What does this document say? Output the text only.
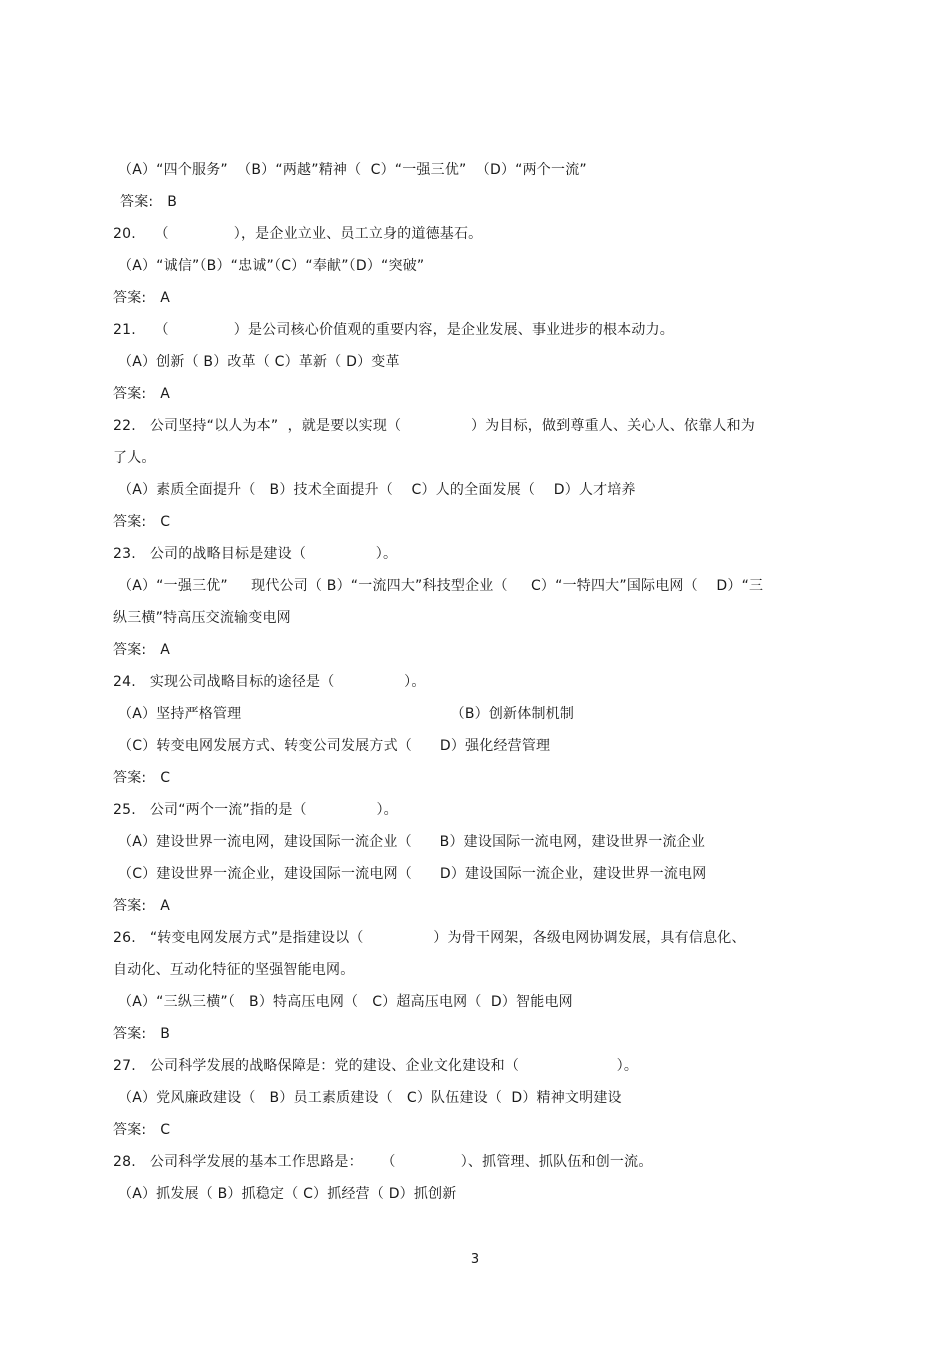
（A）“四个服务”  （B）“两越”精神（  C）“一强三优”  （D）“两个一流”
答案:   B
20.    （              ），是企业立业、员工立身的道德基石。
（A）“诚信”（B）“忠诚”（C）“奉献”（D）“突破”
答案:   A
21.    （              ）是公司核心价值观的重要内容，是企业发展、事业进步的根本动力。
（A）创新（ B）改革（ C）革新（ D）变革
答案:   A
22.   公司坚持“以人为本”  ，就是要以实现（               ）为目标，做到尊重人、关心人、依靠人和为
了人。
（A）素质全面提升（   B）技术全面提升（    C）人的全面发展（    D）人才培养
答案:   C
23.   公司的战略目标是建设（               ）。
（A）“一强三优”     现代公司（ B）“一流四大”科技型企业（     C）“一特四大”国际电网（    D）“三
纵三横”特高压交流输变电网
答案:   A
24.   实现公司战略目标的途径是（               ）。
（A）坚持严格管理                                             （B）创新体制机制
（C）转变电网发展方式、转变公司发展方式（      D）强化经营管理
答案:   C
25.   公司“两个一流”指的是（               ）。
（A）建设世界一流电网，建设国际一流企业（      B）建设国际一流电网，建设世界一流企业
（C）建设世界一流企业，建设国际一流电网（      D）建设国际一流企业，建设世界一流电网
答案:   A
26.   “转变电网发展方式”是指建设以（               ）为骨干网架，各级电网协调发展，具有信息化、
自动化、互动化特征的坚强智能电网。
（A）“三纵三横”（   B）特高压电网（   C）超高压电网（  D）智能电网
答案:   B
27.   公司科学发展的战略保障是：党的建设、企业文化建设和（                     ）。
（A）党风廉政建设（   B）员工素质建设（   C）队伍建设（  D）精神文明建设
答案:   C
28.   公司科学发展的基本工作思路是：    （              ）、抓管理、抓队伍和创一流。
（A）抓发展（ B）抓稳定（ C）抓经营（ D）抓创新
3
